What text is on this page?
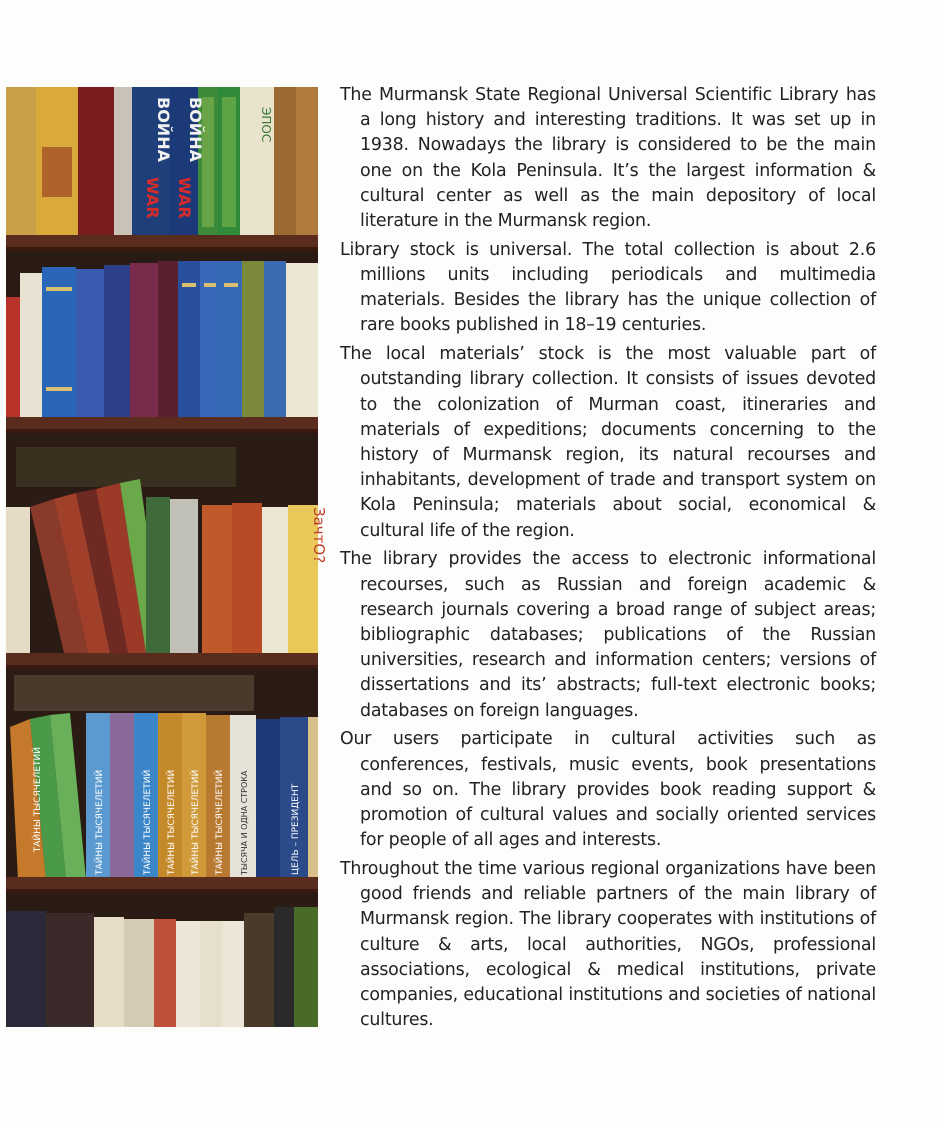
ВОЙНА
WAR
ВОЙНА
WAR
ЭПОС
ЗачтО?
ТАЙНЫ ТЫСЯЧЕЛЕТИЙ	ТАЙНЫ ТЫСЯЧЕЛЕТИЙ	ТАЙНЫ ТЫСЯЧЕЛЕТИЙ ТАЙНЫ ТЫСЯЧЕЛЕТИЙ ТАЙНЫ ТЫСЯЧЕЛЕТИЙ ТАЙНЫ ТЫСЯЧЕЛЕТИЙ ТЫСЯЧА И ОДНА СТРОКА	ЦЕЛЬ – ПРЕЗИДЕНТ

The Murmansk State Regional Universal Scientific Library has a long history and interesting traditions. It was set up in 1938. Nowadays the library is considered to be the main one on the Kola Peninsula. It’s the largest information & cultural center as well as the main depository of local literature in the Murmansk region.

Library stock is universal. The total collection is about 2.6 millions units including periodicals and multimedia materials. Besides the library has the unique collection of rare books published in 18–19 centuries.

The local materials’ stock is the most valuable part of outstanding library collection. It consists of issues devoted to the colonization of Murman coast, itineraries and materials of expeditions; documents concerning to the history of Murmansk region, its natural recourses and inhabitants, development of trade and transport system on Kola Peninsula; materials about social, economical & cultural life of the region.

The library provides the access to electronic informational recourses, such as Russian and foreign academic & research journals covering a broad range of subject areas; bibliographic databases; publications of the Russian universities, research and information centers; versions of dissertations and its’ abstracts; full-text electronic books; databases on foreign languages.

Our users participate in cultural activities such as conferences, festivals, music events, book presentations and so on. The library provides book reading support & promotion of cultural values and socially oriented services for people of all ages and interests.

Throughout the time various regional organizations have been good friends and reliable partners of the main library of Murmansk region. The library cooperates with institutions of culture & arts, local authorities, NGOs, professional associations, ecological & medical institutions, private companies, educational institutions and societies of national cultures.
